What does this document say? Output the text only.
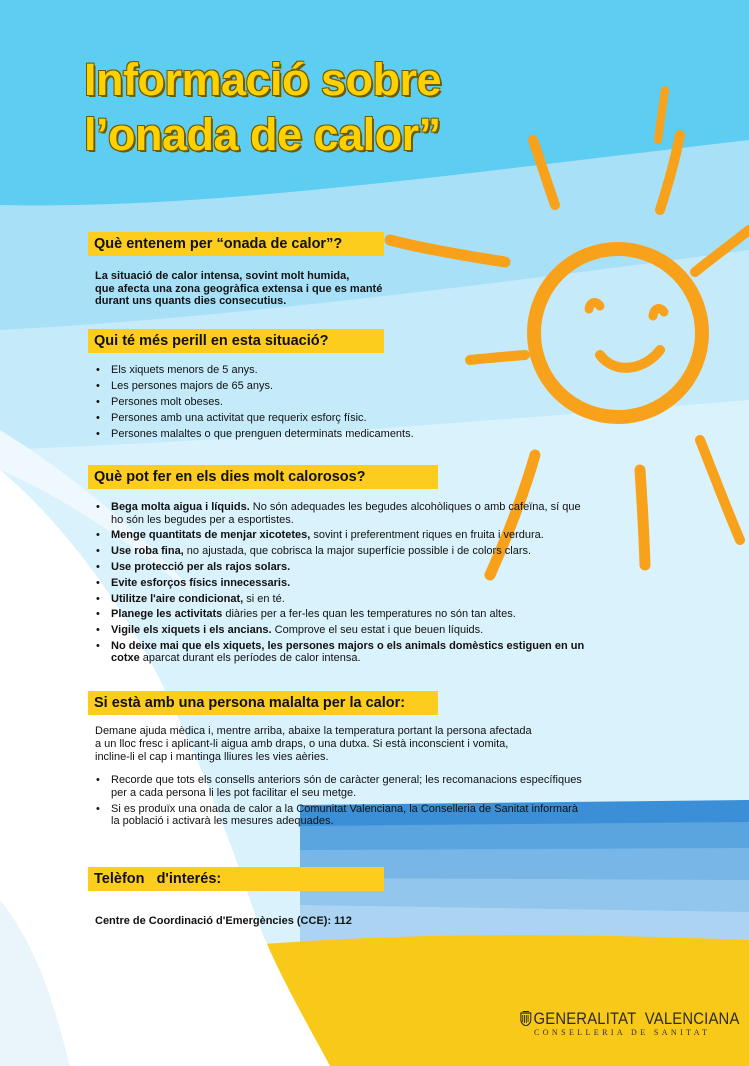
Informació sobre
l’onada de calor”
Què entenem per “onada de calor”?
La situació de calor intensa, sovint molt humida,
que afecta una zona geogràfica extensa i que es manté
durant uns quants dies consecutius.
Qui té més perill en esta situació?
• Els xiquets menors de 5 anys.
• Les persones majors de 65 anys.
• Persones molt obeses.
• Persones amb una activitat que requerix esforç físic.
• Persones malaltes o que prenguen determinats medicaments.
Què pot fer en els dies molt calorosos?
• Bega molta aigua i líquids. No són adequades les begudes alcohòliques o amb cafeïna, sí que ho són les begudes per a esportistes.
• Menge quantitats de menjar xicotetes, sovint i preferentment riques en fruita i verdura.
• Use roba fina, no ajustada, que cobrisca la major superfície possible i de colors clars.
• Use protecció per als rajos solars.
• Evite esforços físics innecessaris.
• Utilitze l'aire condicionat, si en té.
• Planege les activitats diàries per a fer-les quan les temperatures no són tan altes.
• Vigile els xiquets i els ancians. Comprove el seu estat i que beuen líquids.
• No deixe mai que els xiquets, les persones majors o els animals domèstics estiguen en un cotxe aparcat durant els períodes de calor intensa.
Si està amb una persona malalta per la calor:
Demane ajuda mèdica i, mentre arriba, abaixe la temperatura portant la persona afectada
a un lloc fresc i aplicant-li aigua amb draps, o una dutxa. Si està inconscient i vomita,
incline-li el cap i mantinga lliures les vies aèries.
• Recorde que tots els consells anteriors són de caràcter general; les recomanacions específiques per a cada persona li les pot facilitar el seu metge.
• Si es produïx una onada de calor a la Comunitat Valenciana, la Conselleria de Sanitat informarà la població i activarà les mesures adequades.
Telèfon   d'interés:
Centre de Coordinació d'Emergències (CCE): 112
GENERALITAT  VALENCIANA
CONSELLERIA DE SANITAT
